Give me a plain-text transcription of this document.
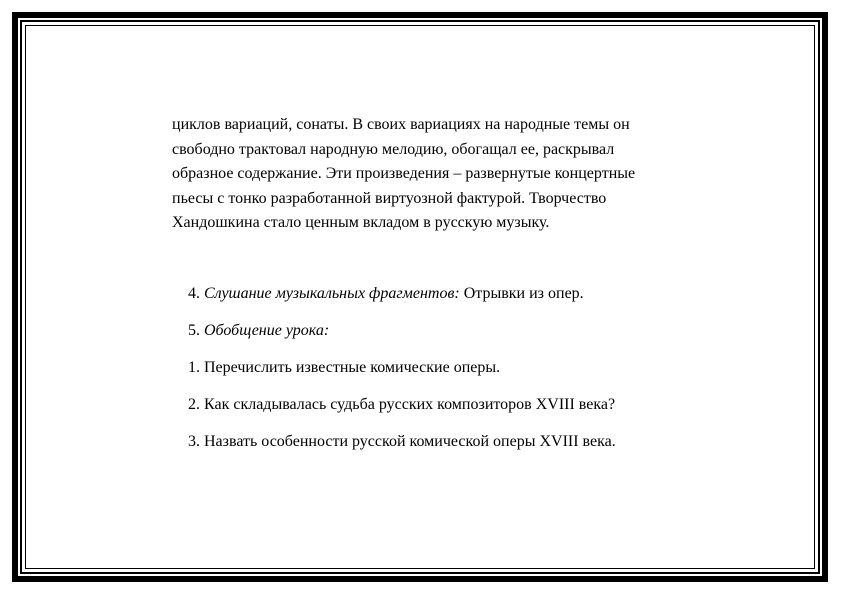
циклов вариаций, сонаты. В своих вариациях на народные темы он
свободно трактовал народную мелодию, обогащал ее, раскрывал
образное содержание. Эти произведения – развернутые концертные
пьесы с тонко разработанной виртуозной фактурой. Творчество
Хандошкина стало ценным вкладом в русскую музыку.

4. Слушание музыкальных фрагментов: Отрывки из опер.
5. Обобщение урока:
1. Перечислить известные комические оперы.
2. Как складывалась судьба русских композиторов XVIII века?
3. Назвать особенности русской комической оперы XVIII века.
